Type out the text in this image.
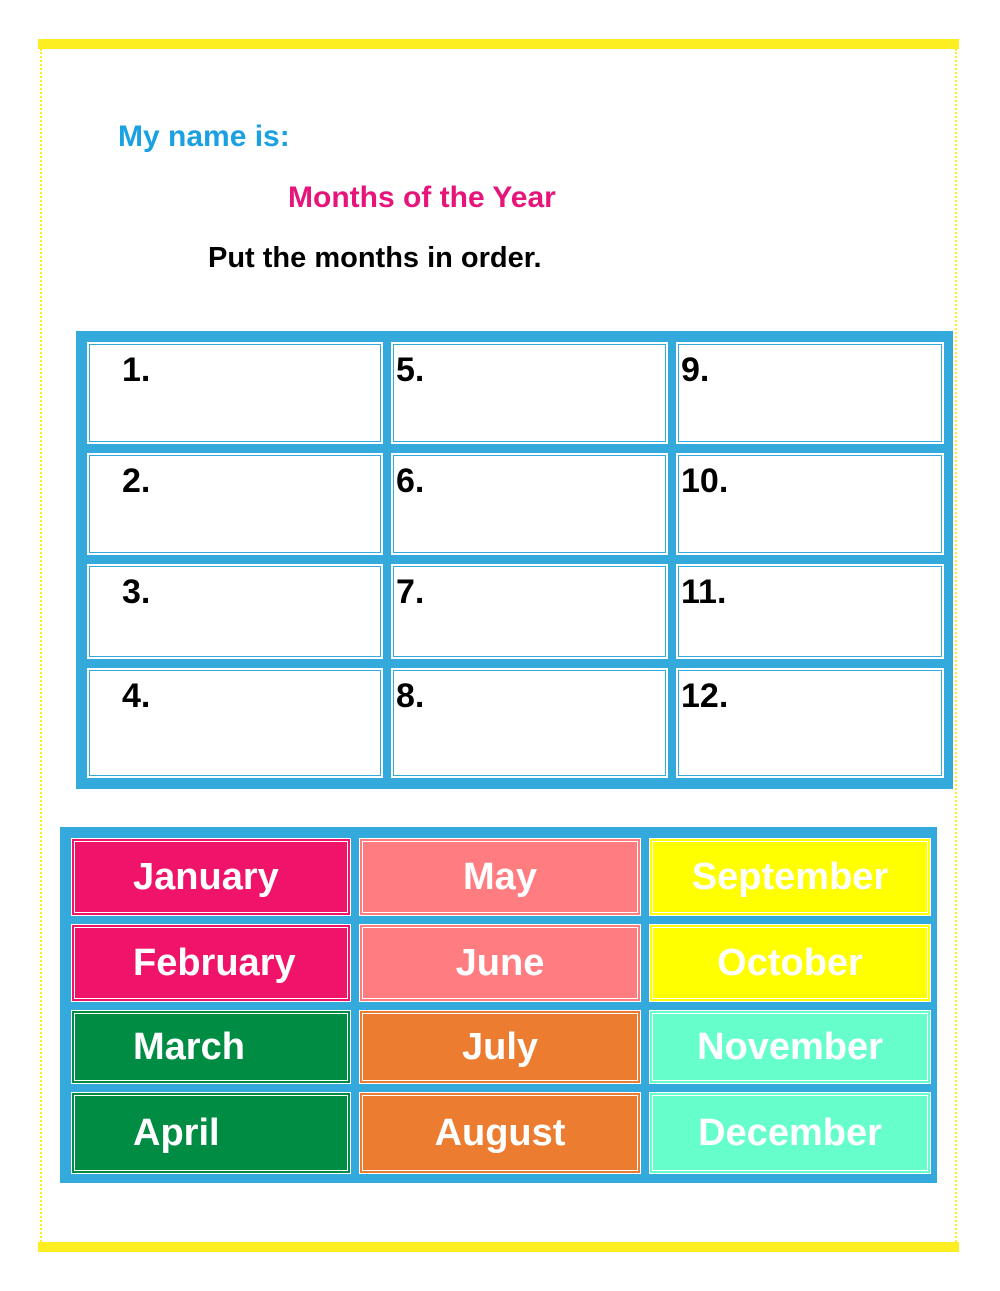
My name is:
Months of the Year
Put the months in order.
1.	5.	9.
2.	6.	10.
3.	7.	11.
4.	8.	12.
January	May	September
February	June	October
March	July	November
April	August	December
